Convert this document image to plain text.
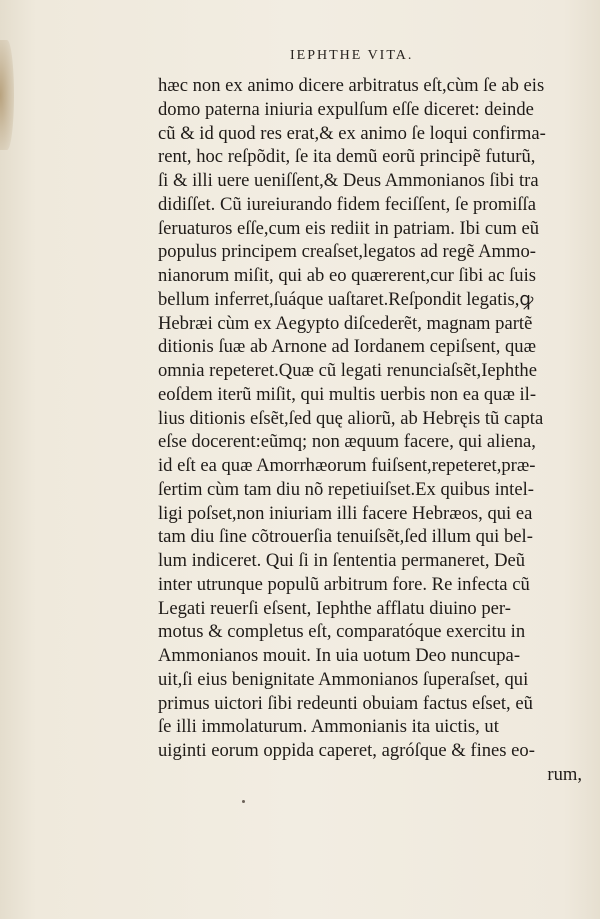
IEPHTHE VITA.
hæc non ex animo dicere arbitratus eſt,cùm ſe ab eis
domo paterna iniuria expulſum eſſe diceret: deinde
cũ & id quod res erat,& ex animo ſe loqui confirma-
rent, hoc reſpõdit, ſe ita demũ eorũ principẽ futurũ,
ſi & illi uere ueniſſent,& Deus Ammonianos ſibi tra
didiſſet. Cũ iureiurando fidem feciſſent, ſe promiſſa
ſeruaturos eſſe,cum eis rediit in patriam. Ibi cum eũ
populus principem creaſset,legatos ad regẽ Ammo-
nianorum miſit, qui ab eo quærerent,cur ſibi ac ſuis
bellum inferret,ſuáque uaſtaret.Reſpondit legatis,ꝙ
Hebræi cùm ex Aegypto diſcederẽt, magnam partẽ
ditionis ſuæ ab Arnone ad Iordanem cepiſsent, quæ
omnia repeteret.Quæ cũ legati renunciaſsẽt,Iephthe
eoſdem iterũ miſit, qui multis uerbis non ea quæ il-
lius ditionis eſsẽt,ſed quę aliorũ, ab Hebręis tũ capta
eſse docerent:eũmq; non æquum facere, qui aliena,
id eſt ea quæ Amorrhæorum fuiſsent,repeteret,præ-
ſertim cùm tam diu nõ repetiuiſset.Ex quibus intel-
ligi poſset,non iniuriam illi facere Hebræos, qui ea
tam diu ſine cõtrouerſia tenuiſsẽt,ſed illum qui bel-
lum indiceret. Qui ſi in ſententia permaneret, Deũ
inter utrunque populũ arbitrum fore. Re infecta cũ
Legati reuerſi eſsent, Iephthe afflatu diuino per-
motus & completus eſt, comparatóque exercitu in
Ammonianos mouit. In uia uotum Deo nuncupa-
uit,ſi eius benignitate Ammonianos ſuperaſset, qui
primus uictori ſibi redeunti obuiam factus eſset, eũ
ſe illi immolaturum. Ammonianis ita uictis, ut
uiginti eorum oppida caperet, agróſque & fines eo-
rum,
